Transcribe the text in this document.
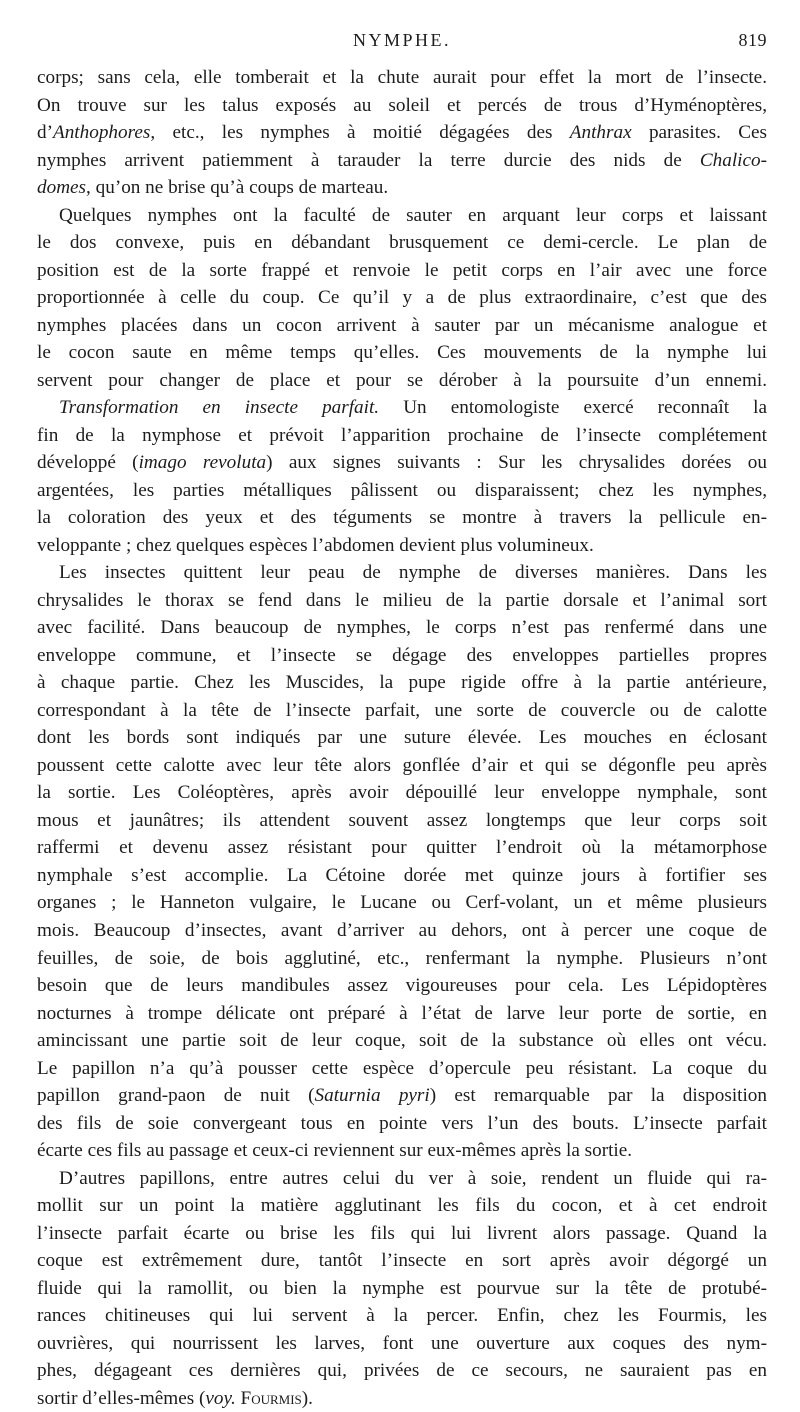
NYMPHE.	819
corps; sans cela, elle tomberait et la chute aurait pour effet la mort de l’insecte.
On trouve sur les talus exposés au soleil et percés de trous d’Hyménoptères,
d’Anthophores, etc., les nymphes à moitié dégagées des Anthrax parasites. Ces
nymphes arrivent patiemment à tarauder la terre durcie des nids de Chalico-
domes, qu’on ne brise qu’à coups de marteau.
Quelques nymphes ont la faculté de sauter en arquant leur corps et laissant
le dos convexe, puis en débandant brusquement ce demi-cercle. Le plan de
position est de la sorte frappé et renvoie le petit corps en l’air avec une force
proportionnée à celle du coup. Ce qu’il y a de plus extraordinaire, c’est que des
nymphes placées dans un cocon arrivent à sauter par un mécanisme analogue et
le cocon saute en même temps qu’elles. Ces mouvements de la nymphe lui
servent pour changer de place et pour se dérober à la poursuite d’un ennemi.
Transformation en insecte parfait. Un entomologiste exercé reconnaît la
fin de la nymphose et prévoit l’apparition prochaine de l’insecte complétement
développé (imago revoluta) aux signes suivants : Sur les chrysalides dorées ou
argentées, les parties métalliques pâlissent ou disparaissent; chez les nymphes,
la coloration des yeux et des téguments se montre à travers la pellicule en-
veloppante ; chez quelques espèces l’abdomen devient plus volumineux.
Les insectes quittent leur peau de nymphe de diverses manières. Dans les
chrysalides le thorax se fend dans le milieu de la partie dorsale et l’animal sort
avec facilité. Dans beaucoup de nymphes, le corps n’est pas renfermé dans une
enveloppe commune, et l’insecte se dégage des enveloppes partielles propres
à chaque partie. Chez les Muscides, la pupe rigide offre à la partie antérieure,
correspondant à la tête de l’insecte parfait, une sorte de couvercle ou de calotte
dont les bords sont indiqués par une suture élevée. Les mouches en éclosant
poussent cette calotte avec leur tête alors gonflée d’air et qui se dégonfle peu après
la sortie. Les Coléoptères, après avoir dépouillé leur enveloppe nymphale, sont
mous et jaunâtres; ils attendent souvent assez longtemps que leur corps soit
raffermi et devenu assez résistant pour quitter l’endroit où la métamorphose
nymphale s’est accomplie. La Cétoine dorée met quinze jours à fortifier ses
organes ; le Hanneton vulgaire, le Lucane ou Cerf-volant, un et même plusieurs
mois. Beaucoup d’insectes, avant d’arriver au dehors, ont à percer une coque de
feuilles, de soie, de bois agglutiné, etc., renfermant la nymphe. Plusieurs n’ont
besoin que de leurs mandibules assez vigoureuses pour cela. Les Lépidoptères
nocturnes à trompe délicate ont préparé à l’état de larve leur porte de sortie, en
amincissant une partie soit de leur coque, soit de la substance où elles ont vécu.
Le papillon n’a qu’à pousser cette espèce d’opercule peu résistant. La coque du
papillon grand-paon de nuit (Saturnia pyri) est remarquable par la disposition
des fils de soie convergeant tous en pointe vers l’un des bouts. L’insecte parfait
écarte ces fils au passage et ceux-ci reviennent sur eux-mêmes après la sortie.
D’autres papillons, entre autres celui du ver à soie, rendent un fluide qui ra-
mollit sur un point la matière agglutinant les fils du cocon, et à cet endroit
l’insecte parfait écarte ou brise les fils qui lui livrent alors passage. Quand la
coque est extrêmement dure, tantôt l’insecte en sort après avoir dégorgé un
fluide qui la ramollit, ou bien la nymphe est pourvue sur la tête de protubé-
rances chitineuses qui lui servent à la percer. Enfin, chez les Fourmis, les
ouvrières, qui nourrissent les larves, font une ouverture aux coques des nym-
phes, dégageant ces dernières qui, privées de ce secours, ne sauraient pas en
sortir d’elles-mêmes (voy. Fourmis).
